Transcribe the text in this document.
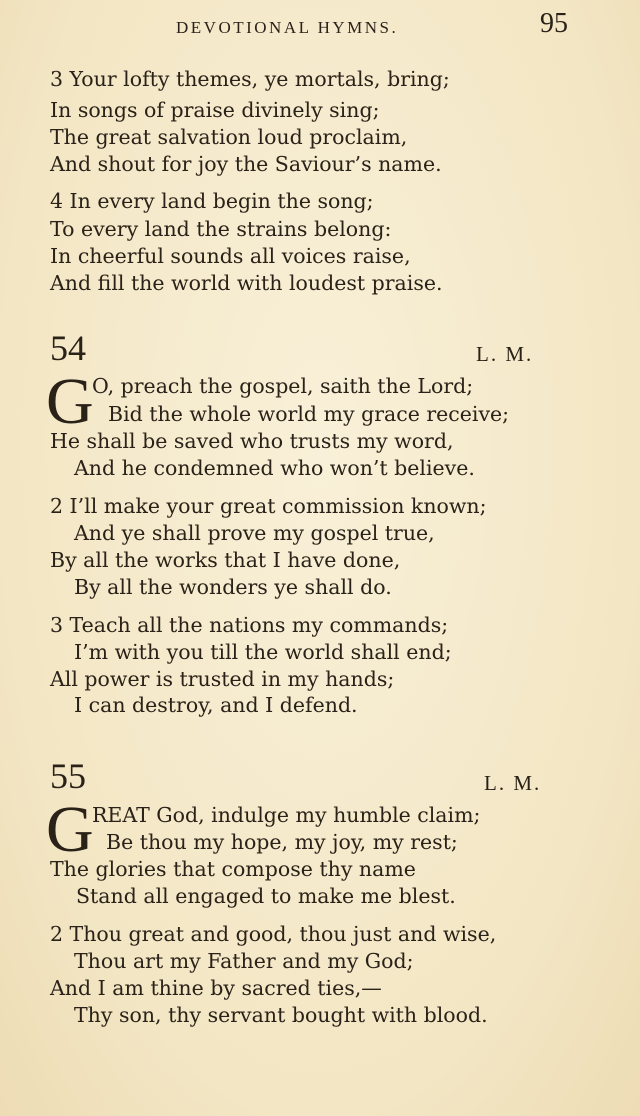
DEVOTIONAL HYMNS.	95
3 Your lofty themes, ye mortals, bring;
In songs of praise divinely sing;
The great salvation loud proclaim,
And shout for joy the Saviour’s name.
4 In every land begin the song;
To every land the strains belong:
In cheerful sounds all voices raise,
And fill the world with loudest praise.
54	L. M.
G
O, preach the gospel, saith the Lord;
Bid the whole world my grace receive;
He shall be saved who trusts my word,
And he condemned who won’t believe.
2 I’ll make your great commission known;
And ye shall prove my gospel true,
By all the works that I have done,
By all the wonders ye shall do.
3 Teach all the nations my commands;
I’m with you till the world shall end;
All power is trusted in my hands;
I can destroy, and I defend.
55	L. M.
G
REAT God, indulge my humble claim;
Be thou my hope, my joy, my rest;
The glories that compose thy name
Stand all engaged to make me blest.
2 Thou great and good, thou just and wise,
Thou art my Father and my God;
And I am thine by sacred ties,—
Thy son, thy servant bought with blood.
